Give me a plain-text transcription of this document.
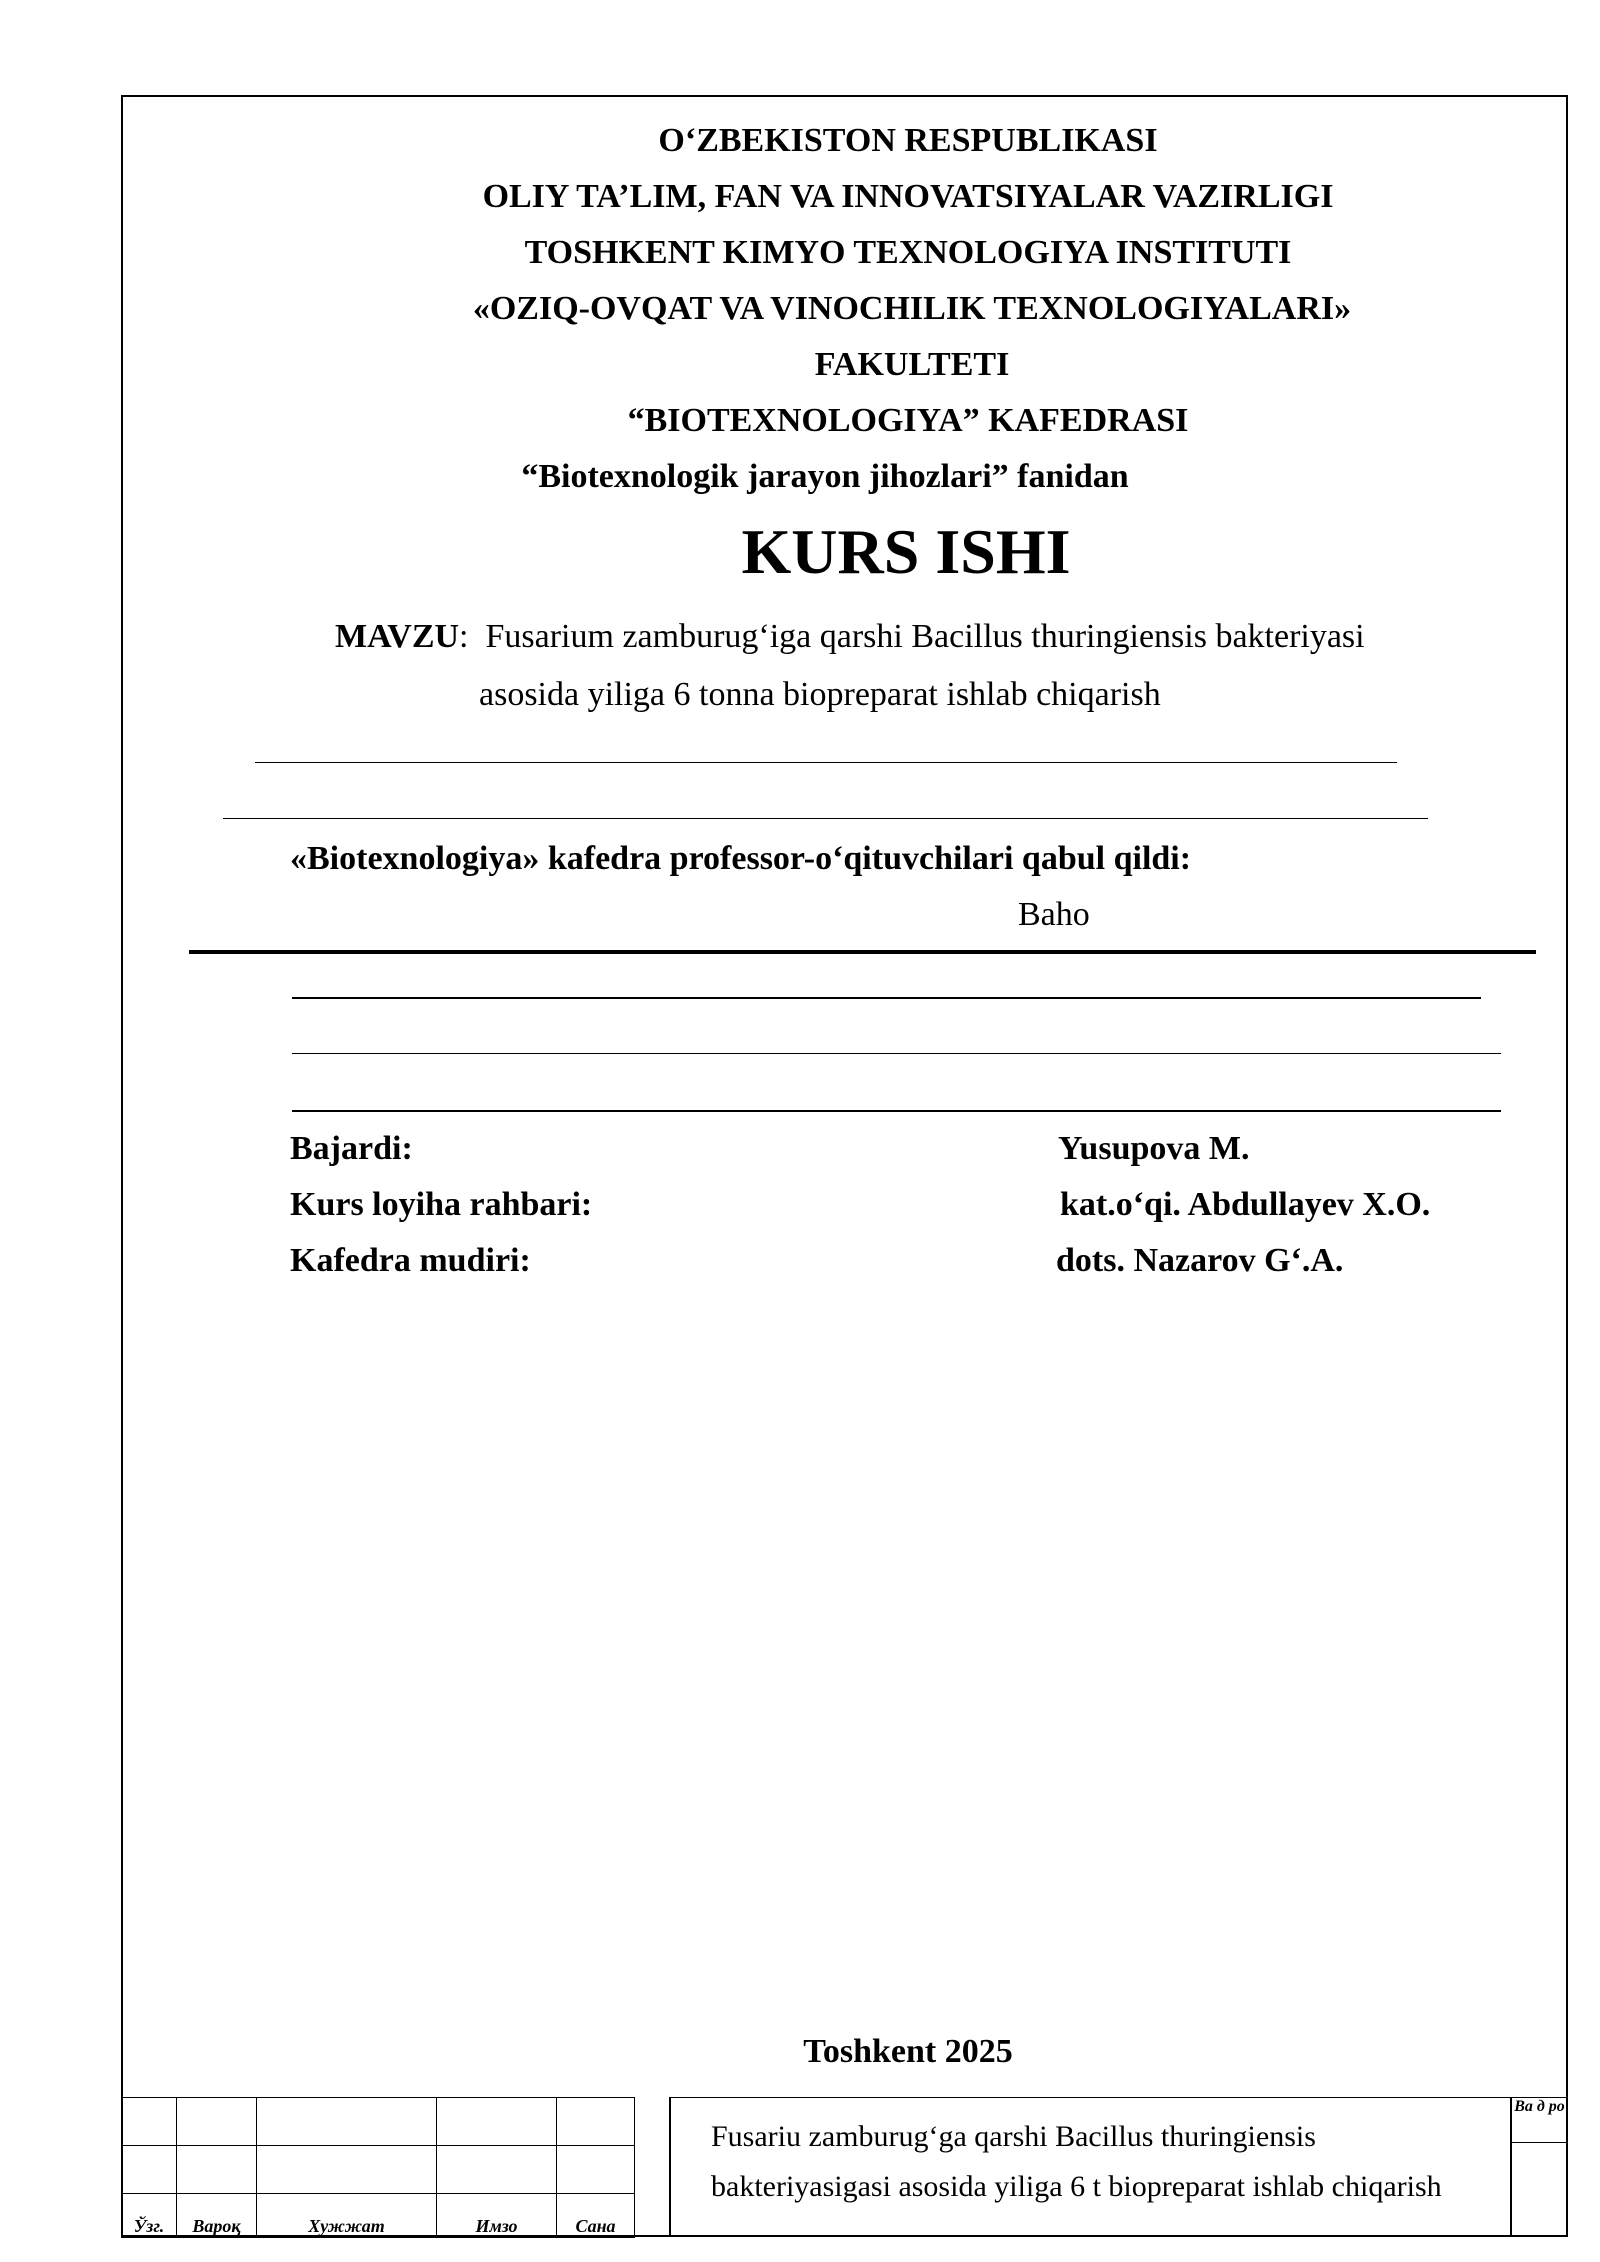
O‘ZBEKISTON RESPUBLIKASI
OLIY TA’LIM, FAN VA INNOVATSIYALAR VAZIRLIGI
TOSHKENT KIMYO TEXNOLOGIYA INSTITUTI
«OZIQ-OVQAT VA VINOCHILIK TEXNOLOGIYALARI»
FAKULTETI
“BIOTEXNOLOGIYA” KAFEDRASI
“Biotexnologik jarayon jihozlari” fanidan
KURS ISHI
MAVZU: Fusarium zamburug‘iga qarshi Bacillus thuringiensis bakteriyasi
asosida yiliga 6 tonna biopreparat ishlab chiqarish
«Biotexnologiya» kafedra professor-o‘qituvchilari qabul qildi:
Baho
Bajardi:	Yusupova M.
Kurs loyiha rahbari:	kat.o‘qi. Abdullayev X.O.
Kafedra mudiri:	dots. Nazarov G‘.A.
Toshkent 2025

Ўзг.	Вароқ	Хужжат	Имзо	Сана
Fusariu zamburug‘ga qarshi Bacillus thuringiensis
bakteriyasigasi asosida yiliga 6 t biopreparat ishlab chiqarish
Ва д ро
